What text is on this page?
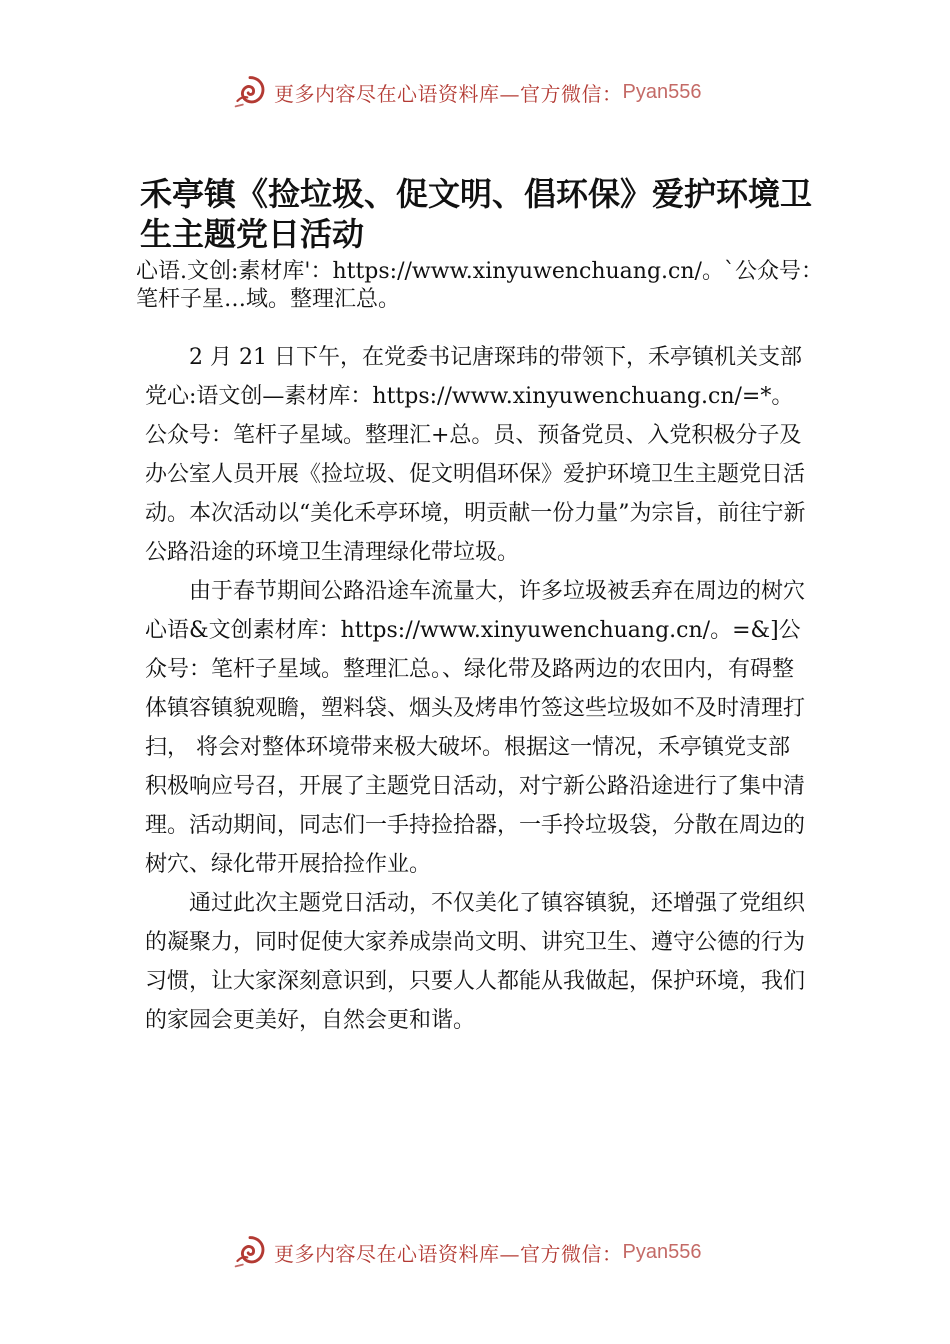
更多内容尽在心语资料库—官方微信： Pyan556
禾亭镇《捡垃圾、促文明、倡环保》爱护环境卫生主题党日活动

心语.文创:素材库'：https://www.xinyuwenchuang.cn/。`公众号：笔杆子星…域。整理汇总。

2 月 21 日下午，在党委书记唐琛玮的带领下，禾亭镇机关支部党心:语文创—素材库：https://www.xinyuwenchuang.cn/=*。公众号：笔杆子星域。整理汇+总。员、预备党员、入党积极分子及办公室人员开展《捡垃圾、促文明倡环保》爱护环境卫生主题党日活动。本次活动以“美化禾亭环境，明贡献一份力量”为宗旨，前往宁新公路沿途的环境卫生清理绿化带垃圾。

由于春节期间公路沿途车流量大，许多垃圾被丢弃在周边的树穴心语&文创素材库：https://www.xinyuwenchuang.cn/。=&]公众号：笔杆子星域。整理汇总。、绿化带及路两边的农田内，有碍整体镇容镇貌观瞻，塑料袋、烟头及烤串竹签这些垃圾如不及时清理打扫， 将会对整体环境带来极大破坏。根据这一情况，禾亭镇党支部积极响应号召，开展了主题党日活动，对宁新公路沿途进行了集中清理。活动期间，同志们一手持捡拾器，一手拎垃圾袋，分散在周边的树穴、绿化带开展拾捡作业。

通过此次主题党日活动，不仅美化了镇容镇貌，还增强了党组织的凝聚力，同时促使大家养成崇尚文明、讲究卫生、遵守公德的行为习惯，让大家深刻意识到，只要人人都能从我做起，保护环境，我们的家园会更美好，自然会更和谐。

更多内容尽在心语资料库—官方微信： Pyan556
